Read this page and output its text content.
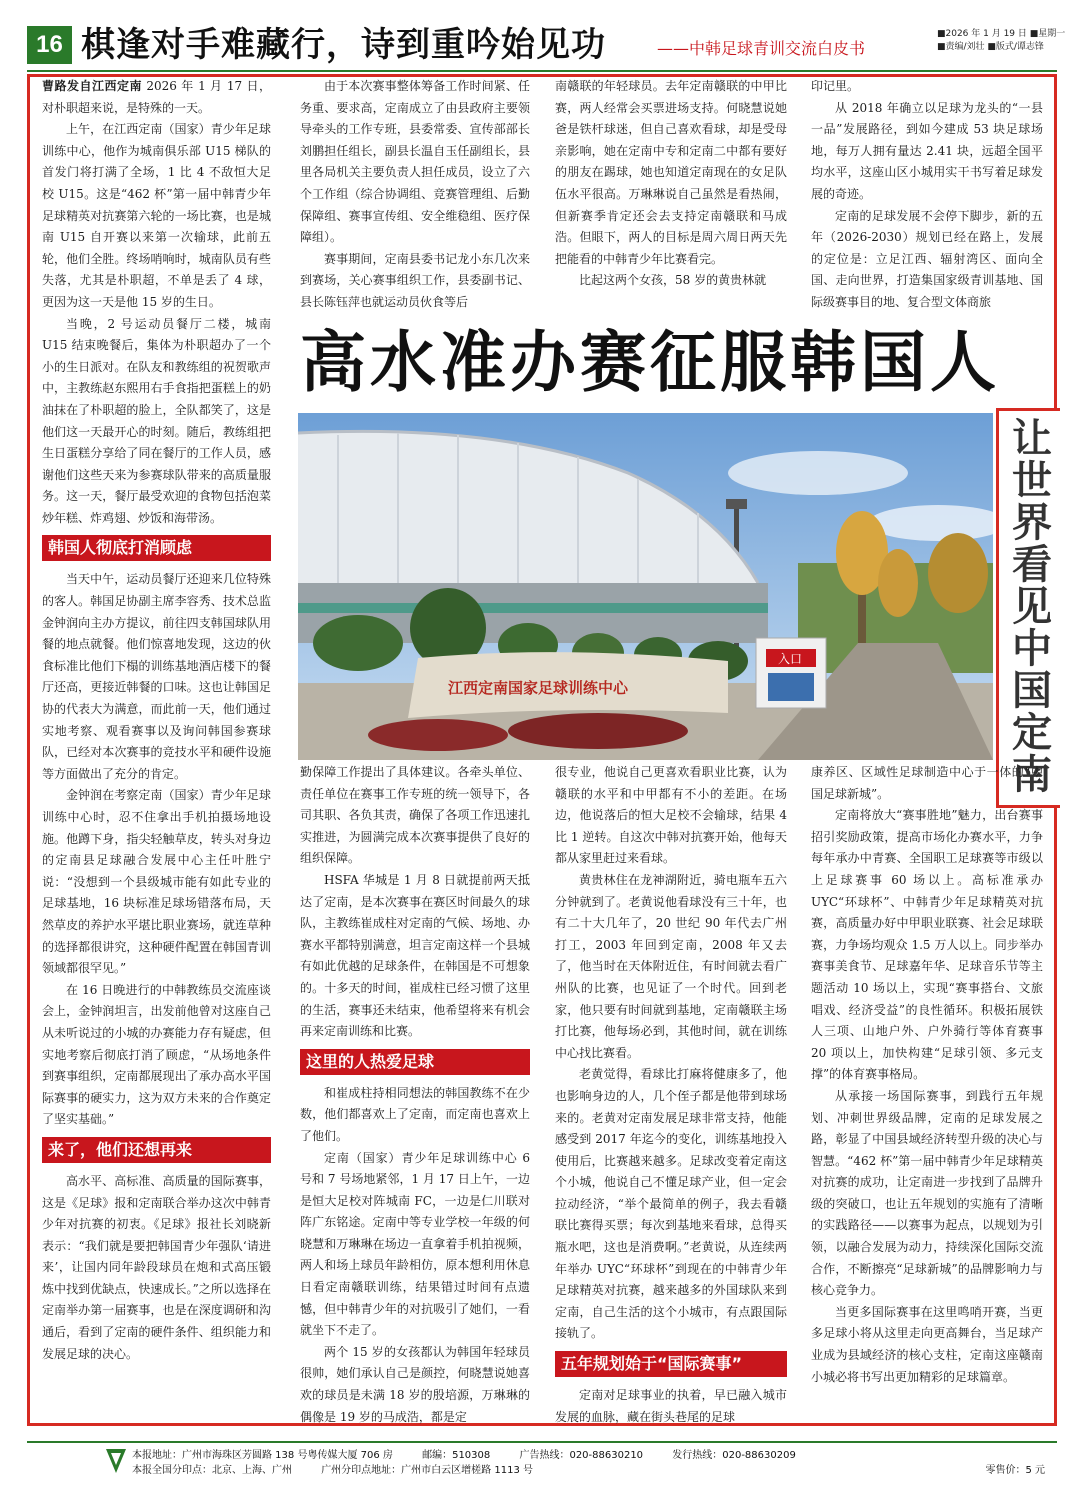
16 棋逢对手难藏行，诗到重吟始见功	——中韩足球青训交流白皮书
■2026 年 1 月 19 日 ■星期一
■责编/刘壮 ■版式/谭志锋

曹路发自江西定南 2026 年 1 月 17 日，对朴职超来说，是特殊的一天。

上午，在江西定南（国家）青少年足球训练中心，他作为城南俱乐部 U15 梯队的首发门将打满了全场，1 比 4 不敌恒大足校 U15。这是“462 杯”第一届中韩青少年足球精英对抗赛第六轮的一场比赛，也是城南 U15 自开赛以来第一次输球，此前五轮，他们全胜。终场哨响时，城南队员有些失落，尤其是朴职超，不单是丢了 4 球，更因为这一天是他 15 岁的生日。

当晚，2 号运动员餐厅二楼，城南 U15 结束晚餐后，集体为朴职超办了一个小的生日派对。在队友和教练组的祝贺歌声中，主教练赵东熙用右手食指把蛋糕上的奶油抹在了朴职超的脸上，全队都笑了，这是他们这一天最开心的时刻。随后，教练组把生日蛋糕分享给了同在餐厅的工作人员，感谢他们这些天来为参赛球队带来的高质量服务。这一天，餐厅最受欢迎的食物包括泡菜炒年糕、炸鸡翅、炒饭和海带汤。

韩国人彻底打消顾虑

当天中午，运动员餐厅还迎来几位特殊的客人。韩国足协副主席李容秀、技术总监金钟润向主办方提议，前往四支韩国球队用餐的地点就餐。他们惊喜地发现，这边的伙食标准比他们下榻的训练基地酒店楼下的餐厅还高，更接近韩餐的口味。这也让韩国足协的代表大为满意，而此前一天，他们通过实地考察、观看赛事以及询问韩国参赛球队，已经对本次赛事的竞技水平和硬件设施等方面做出了充分的肯定。

金钟润在考察定南（国家）青少年足球训练中心时，忍不住拿出手机拍摄场地设施。他蹲下身，指尖轻触草皮，转头对身边的定南县足球融合发展中心主任叶胜宁说：“没想到一个县级城市能有如此专业的足球基地，16 块标准足球场错落布局，天然草皮的养护水平堪比职业赛场，就连草种的选择都很讲究，这种硬件配置在韩国青训领域都很罕见。”

在 16 日晚进行的中韩教练员交流座谈会上，金钟润坦言，出发前他曾对这座自己从未听说过的小城的办赛能力存有疑虑，但实地考察后彻底打消了顾虑，“从场地条件到赛事组织，定南都展现出了承办高水平国际赛事的硬实力，这为双方未来的合作奠定了坚实基础。”

来了，他们还想再来

高水平、高标准、高质量的国际赛事，这是《足球》报和定南联合举办这次中韩青少年对抗赛的初衷。《足球》报社长刘晓新表示：“我们就是要把韩国青少年强队‘请进来’，让国内同年龄段球员在炮和式高压锻炼中找到优缺点，快速成长。”之所以选择在定南举办第一届赛事，也是在深度调研和沟通后，看到了定南的硬件条件、组织能力和发展足球的决心。

由于本次赛事整体筹备工作时间紧、任务重、要求高，定南成立了由县政府主要领导牵头的工作专班，县委常委、宣传部部长刘鹏担任组长，副县长温自玉任副组长，县里各局机关主要负责人担任成员，设立了六个工作组（综合协调组、竞赛管理组、后勤保障组、赛事宣传组、安全维稳组、医疗保障组）。

赛事期间，定南县委书记龙小东几次来到赛场，关心赛事组织工作，县委副书记、县长陈钰萍也就运动员伙食等后

南赣联的年轻球员。去年定南赣联的中甲比赛，两人经常会买票进场支持。何晓慧说她爸是铁杆球迷，但自己喜欢看球，却是受母亲影响，她在定南中专和定南二中都有要好的朋友在踢球，她也知道定南现在的女足队伍水平很高。万琳琳说自己虽然是看热闹，但新赛季肯定还会去支持定南赣联和马成浩。但眼下，两人的目标是周六周日两天先把能看的中韩青少年比赛看完。

比起这两个女孩，58 岁的黄贵林就

印记里。

从 2018 年确立以足球为龙头的“一县一品”发展路径，到如今建成 53 块足球场地，每万人拥有量达 2.41 块，远超全国平均水平，这座山区小城用实干书写着足球发展的奇迹。

定南的足球发展不会停下脚步，新的五年（2026-2030）规划已经在路上，发展的定位是：立足江西、辐射湾区、面向全国、走向世界，打造集国家级青训基地、国际级赛事目的地、复合型文体商旅

高水准办赛征服韩国人
让世界看见中国定南
江西定南国家足球训练中心
入口

勤保障工作提出了具体建议。各牵头单位、责任单位在赛事工作专班的统一领导下，各司其职、各负其责，确保了各项工作迅速扎实推进，为圆满完成本次赛事提供了良好的组织保障。

HSFA 华城是 1 月 8 日就提前两天抵达了定南，是本次赛事在赛区时间最久的球队，主教练崔成柱对定南的气候、场地、办赛水平都特别满意，坦言定南这样一个县城有如此优越的足球条件，在韩国是不可想象的。十多天的时间，崔成柱已经习惯了这里的生活，赛事还未结束，他希望将来有机会再来定南训练和比赛。

这里的人热爱足球

和崔成柱持相同想法的韩国教练不在少数，他们都喜欢上了定南，而定南也喜欢上了他们。

定南（国家）青少年足球训练中心 6 号和 7 号场地紧邻，1 月 17 日上午，一边是恒大足校对阵城南 FC，一边是仁川联对阵广东铭途。定南中等专业学校一年级的何晓慧和万琳琳在场边一直拿着手机拍视频，两人和场上球员年龄相仿，原本想利用休息日看定南赣联训练，结果错过时间有点遗憾，但中韩青少年的对抗吸引了她们，一看就坐下不走了。

两个 15 岁的女孩都认为韩国年轻球员很帅，她们承认自己是颜控，何晓慧说她喜欢的球员是未满 18 岁的殷培源，万琳琳的偶像是 19 岁的马成浩，都是定

很专业，他说自己更喜欢看职业比赛，认为赣联的水平和中甲都有不小的差距。在场边，他说落后的恒大足校不会输球，结果 4 比 1 逆转。自这次中韩对抗赛开始，他每天都从家里赶过来看球。

黄贵林住在龙神湖附近，骑电瓶车五六分钟就到了。老黄说他看球没有三十年，也有二十大几年了，20 世纪 90 年代去广州打工，2003 年回到定南，2008 年又去了，他当时在天体附近住，有时间就去看广州队的比赛，也见证了一个时代。回到老家，他只要有时间就到基地，定南赣联主场打比赛，他每场必到，其他时间，就在训练中心找比赛看。

老黄觉得，看球比打麻将健康多了，他也影响身边的人，几个侄子都是他带到球场来的。老黄对定南发展足球非常支持，他能感受到 2017 年迄今的变化，训练基地投入使用后，比赛越来越多。足球改变着定南这个小城，他说自己不懂足球产业，但一定会拉动经济，“举个最简单的例子，我去看赣联比赛得买票；每次到基地来看球，总得买瓶水吧，这也是消费啊。”老黄说，从连续两年举办 UYC“环球杯”到现在的中韩青少年足球精英对抗赛，越来越多的外国球队来到定南，自己生活的这个小城市，有点跟国际接轨了。

五年规划始于“国际赛事”

定南对足球事业的执着，早已融入城市发展的血脉，藏在街头巷尾的足球

康养区、区域性足球制造中心于一体的“中国足球新城”。

定南将放大“赛事胜地”魅力，出台赛事招引奖励政策，提高市场化办赛水平，力争每年承办中青赛、全国职工足球赛等市级以上足球赛事 60 场以上。高标准承办 UYC“环球杯”、中韩青少年足球精英对抗赛，高质量办好中甲职业联赛、社会足球联赛，力争场均观众 1.5 万人以上。同步举办赛事美食节、足球嘉年华、足球音乐节等主题活动 10 场以上，实现“赛事搭台、文旅唱戏、经济受益”的良性循环。积极拓展铁人三项、山地户外、户外骑行等体育赛事 20 项以上，加快构建“足球引领、多元支撑”的体育赛事格局。

从承接一场国际赛事，到践行五年规划、冲刺世界级品牌，定南的足球发展之路，彰显了中国县域经济转型升级的决心与智慧。“462 杯”第一届中韩青少年足球精英对抗赛的成功，让定南进一步找到了品牌升级的突破口，也让五年规划的实施有了清晰的实践路径——以赛事为起点，以规划为引领，以融合发展为动力，持续深化国际交流合作，不断擦亮“足球新城”的品牌影响力与核心竞争力。

当更多国际赛事在这里鸣哨开赛，当更多足球小将从这里走向更高舞台，当足球产业成为县域经济的核心支柱，定南这座赣南小城必将书写出更加精彩的足球篇章。

本报地址：广州市海珠区芳圆路 138 号粤传媒大厦 706 房	邮编：510308	广告热线：020-88630210	发行热线：020-88630209
本报全国分印点：北京、上海、广州	广州分印点地址：广州市白云区增槎路 1113 号	零售价：5 元
